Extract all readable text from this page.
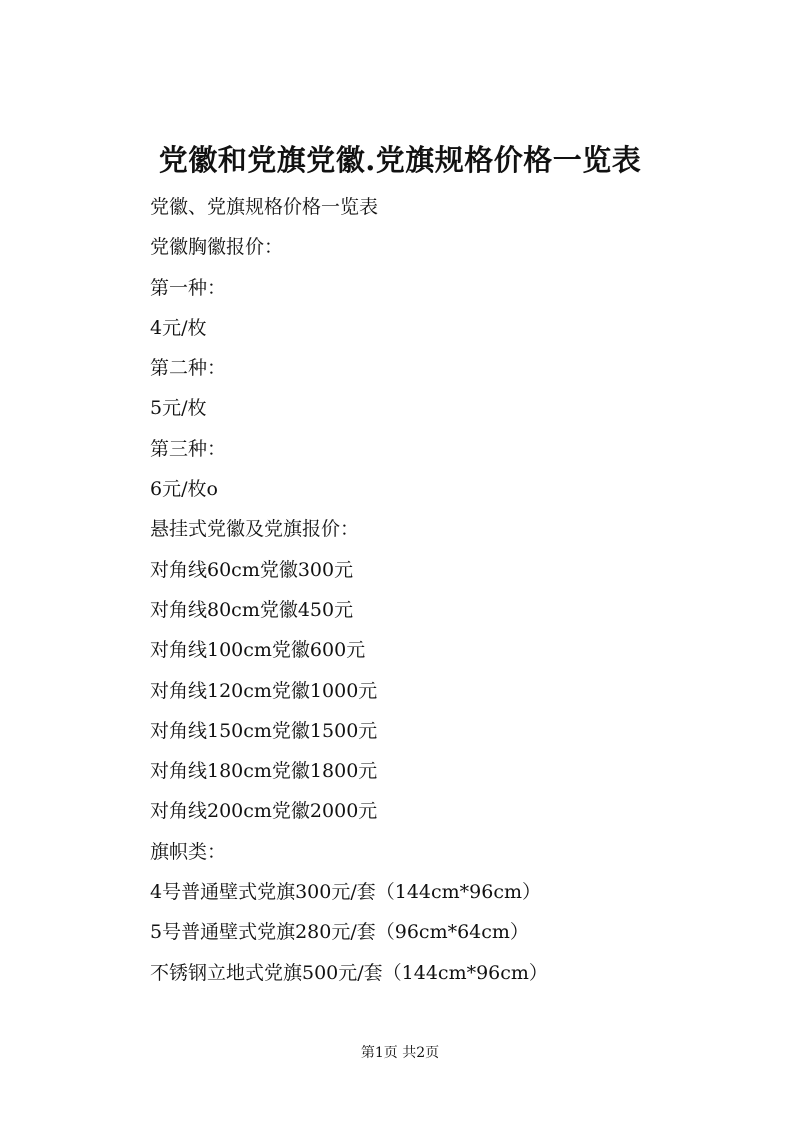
党徽和党旗党徽.党旗规格价格一览表
党徽、党旗规格价格一览表
党徽胸徽报价：
第一种：
4元/枚
第二种：
5元/枚
第三种：
6元/枚o
悬挂式党徽及党旗报价：
对角线60cm党徽300元
对角线80cm党徽450元
对角线100cm党徽600元
对角线120cm党徽1000元
对角线150cm党徽1500元
对角线180cm党徽1800元
对角线200cm党徽2000元
旗帜类：
4号普通壁式党旗300元/套（144cm*96cm）
5号普通壁式党旗280元/套（96cm*64cm）
不锈钢立地式党旗500元/套（144cm*96cm）
第1页 共2页
